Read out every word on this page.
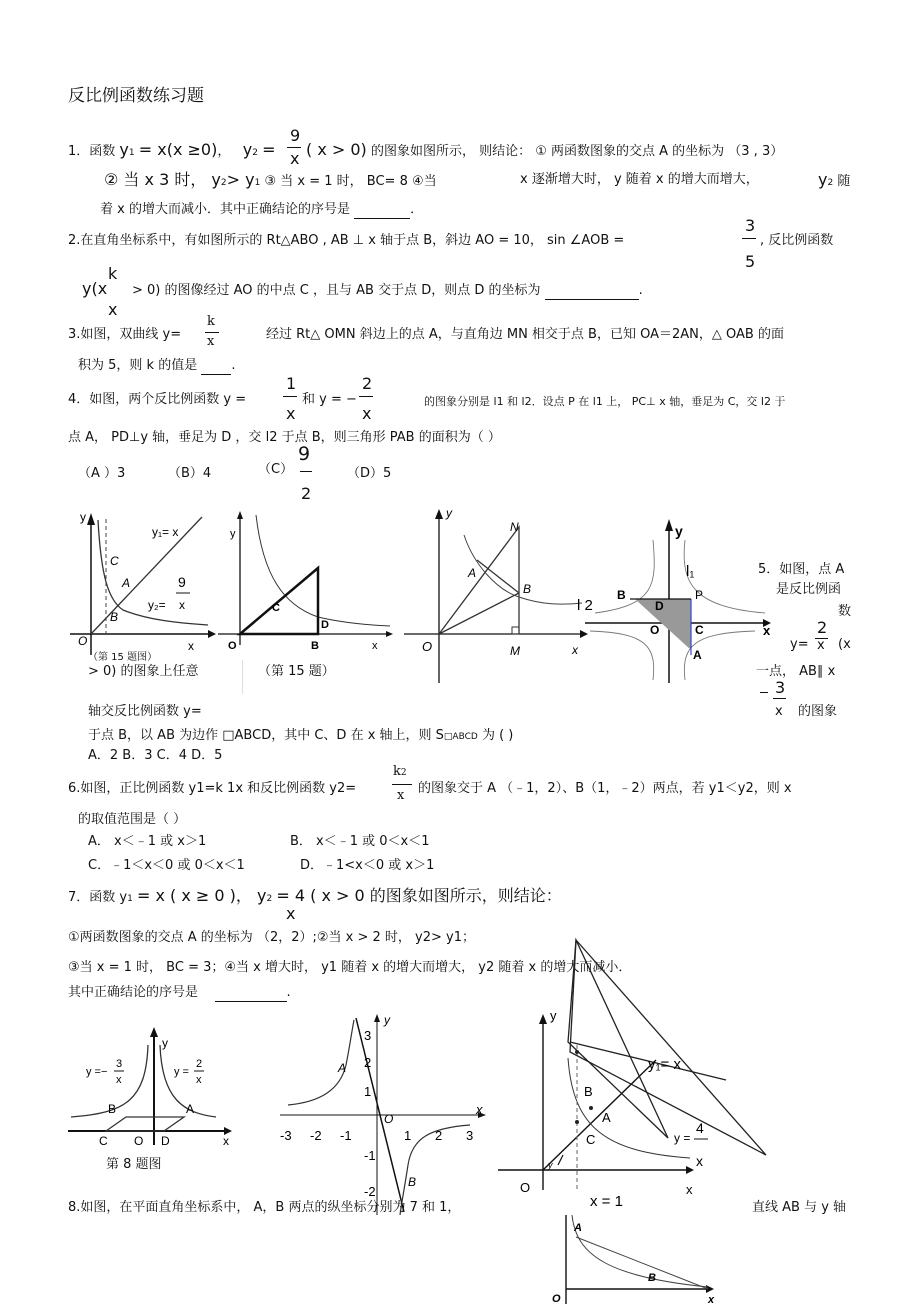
反比例函数练习题
1．函数 y1 = x(x ≥0)， y2 =
9
x ( x > 0) 的图象如图所示， 则结论： ① 两函数图象的交点 A 的坐标为 （3 , 3）
② 当 x 3 时， y2> y1 ③ 当 x = 1 时， BC= 8 ④当	x 逐渐增大时， y 随着 x 的增大而增大，	y2 随
着 x 的增大而减小．其中正确结论的序号是	．
2.在直角坐标系中，有如图所示的 Rt△ABO , AB ⊥ x 轴于点 B，斜边 AO = 10， sin ∠AOB =
3
5
, 反比例函数
k
y(x > 0) 的图像经过 AO 的中点 C ，且与 AB 交于点 D，则点 D 的坐标为	.
x
3.如图，双曲线 y=
k
x	经过 Rt△ OMN 斜边上的点 A，与直角边 MN 相交于点 B，已知 OA＝2AN，△ OAB 的面
积为 5，则 k 的值是	.
4．如图，两个反比例函数 y =
1
x
和 y = −
2
x
的图象分别是 l1 和 l2．设点 P 在 l1 上， PC⊥ x 轴，垂足为 C，交 l2 于
点 A， PD⊥y 轴，垂足为 D ，交 l2 于点 B，则三角形 PAB 的面积为（ ）
（A ）3	（B）4	（C）
9
2
（D）5
y
y₁= x
C
A
B
9
x
y₂=
O	x
（第 15 题图）
y
C
D
O	B	x
（第 15 题）
y
N
A
B
O	M	x
y
l₁
l 2
B
D
P
O	C
A
x
5．如图，点 A
是反比例函
数
y=
2
x (x
一点， AB∥ x
3
x 的图象
> 0) 的图象上任意
轴交反比例函数 y=
于点 B，以 AB 为边作 □ABCD，其中 C、D 在 x 轴上，则 S□ABCD 为 ( )
A．2 B．3 C．4 D．5
6.如图，正比例函数 y1=k 1x 和反比例函数 y2=
k2
x 的图象交于 A （﹣1，2）、B（1，﹣2）两点，若 y1＜y2，则 x
的取值范围是（ ）
A． x＜﹣1 或 x＞1	B． x＜﹣1 或 0＜x＜1
C．﹣1＜x＜0 或 0＜x＜1	D．﹣1<x＜0 或 x＞1
7．函数 y1 = x ( x ≥ 0 )， y2 = 4 ( x > 0 的图象如图所示，则结论：
x
①两函数图象的交点 A 的坐标为 （2，2）;②当 x > 2 时， y2> y1；
③当 x = 1 时， BC = 3；④当 x 增大时， y1 随着 x 的增大而增大， y2 随着 x 的增大而减小．
其中正确结论的序号是	.
y
y =−
3
x
y =
2
x
B	A
C O D	x
第 8 题图
y
3
2
1
A
O
x
-3 -2 -1	1 2 3
-1
-2
B
y
y₁= x
B
A
C	y =
4
x
y
O	x
x = 1
8.如图，在平面直角坐标系中， A，B 两点的纵坐标分别为 7 和 1，	直线 AB 与 y 轴
A
B
O	x
